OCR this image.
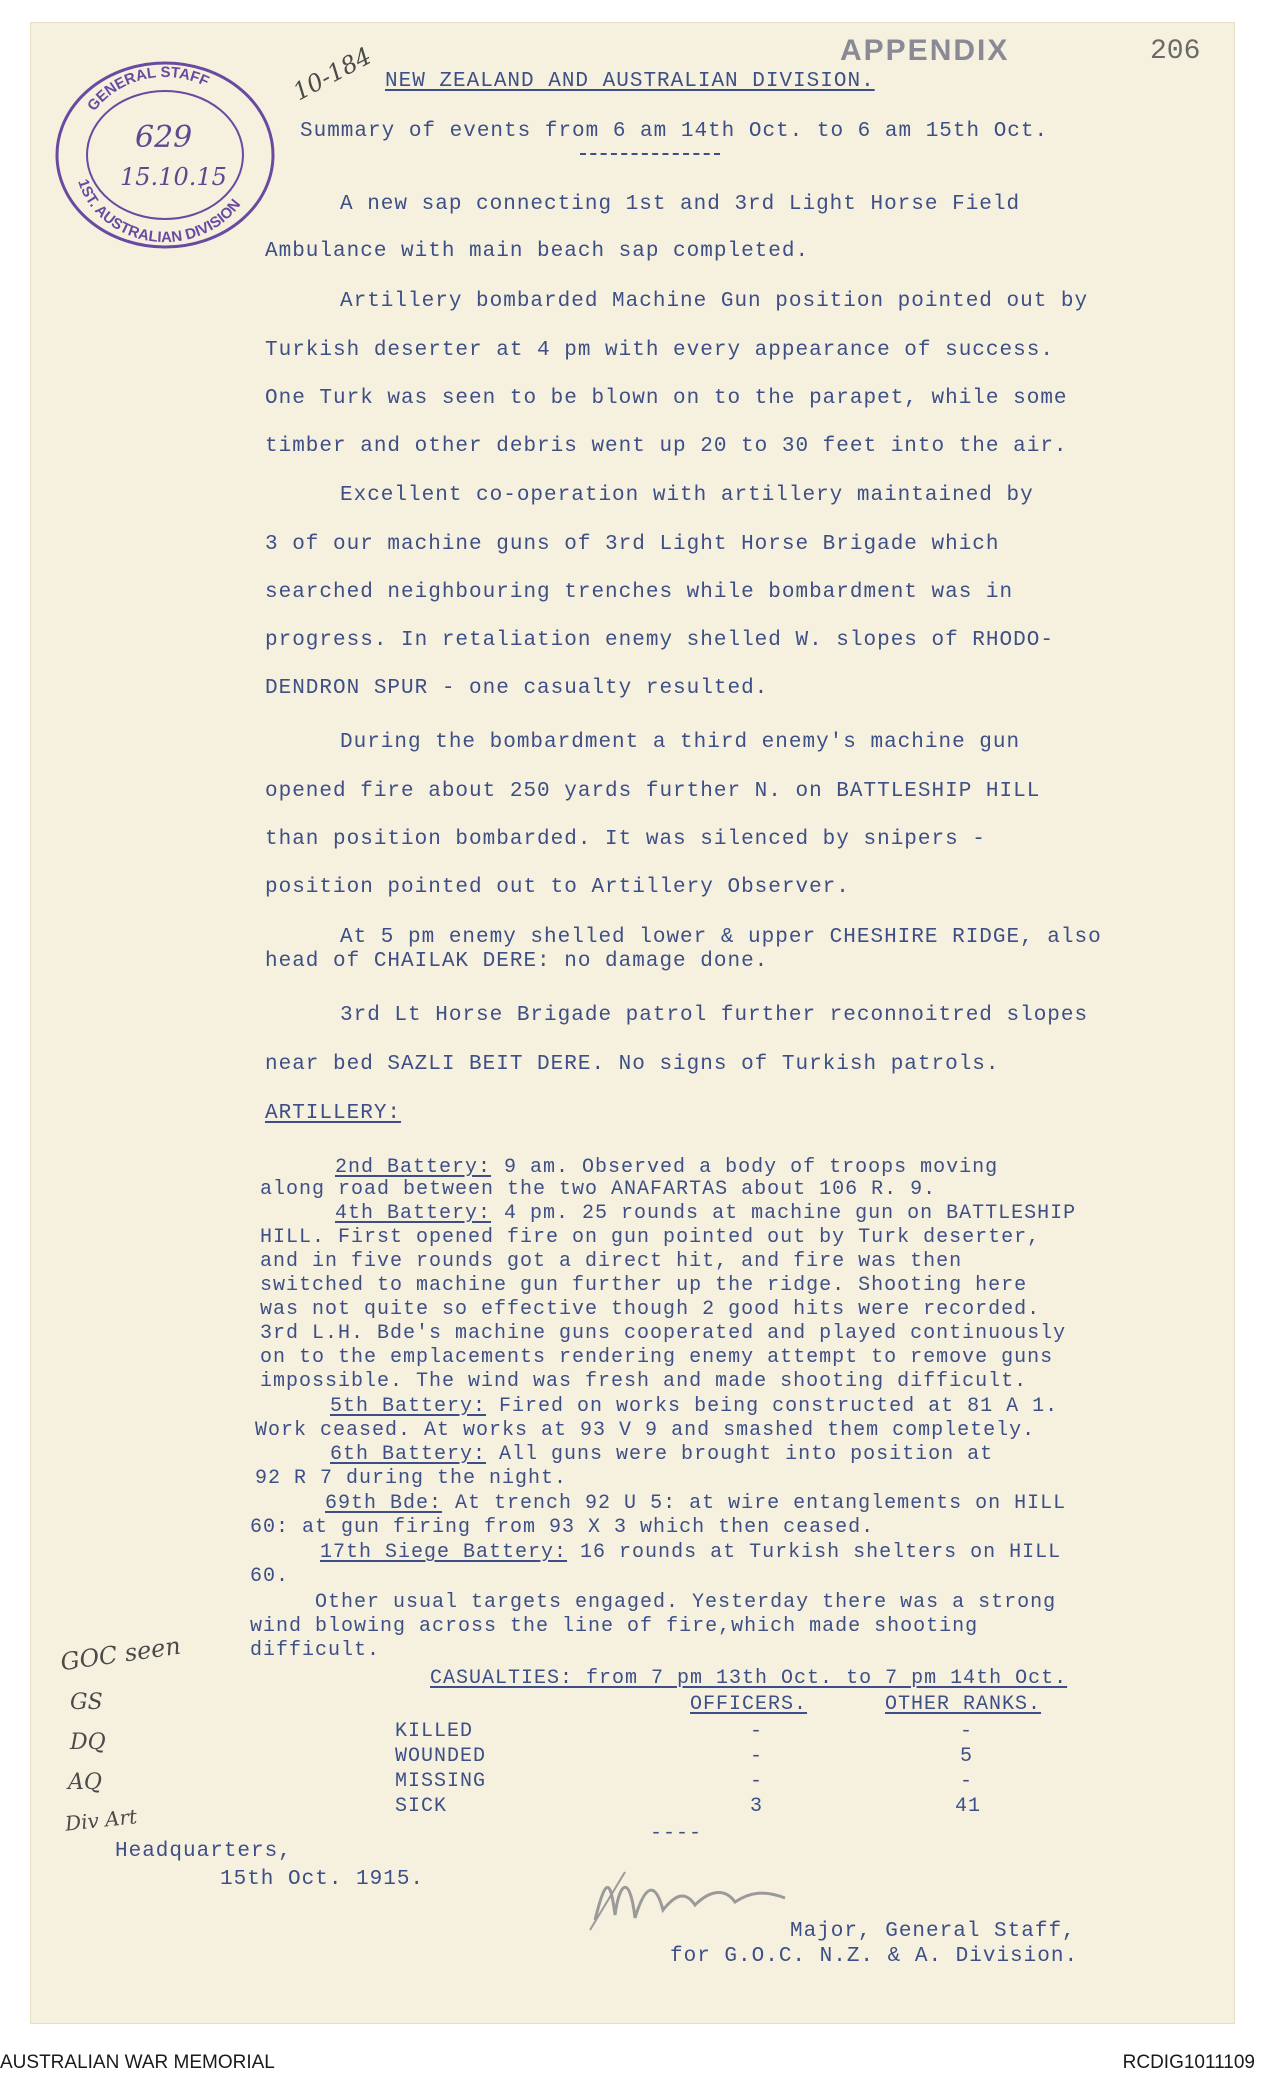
GENERAL STAFF
1ST. AUSTRALIAN DIVISION
629
15.10.15
APPENDIX	206
10-184 NEW ZEALAND AND AUSTRALIAN DIVISION.
Summary of events from 6 am 14th Oct. to 6 am 15th Oct.
A new sap connecting 1st and 3rd Light Horse Field
Ambulance with main beach sap completed.
Artillery bombarded Machine Gun position pointed out by
Turkish deserter at 4 pm with every appearance of success.
One Turk was seen to be blown on to the parapet, while some
timber and other debris went up 20 to 30 feet into the air.
Excellent co-operation with artillery maintained by
3 of our machine guns of 3rd Light Horse Brigade which
searched neighbouring trenches while bombardment was in
progress. In retaliation enemy shelled W. slopes of RHODO-
DENDRON SPUR - one casualty resulted.
During the bombardment a third enemy's machine gun
opened fire about 250 yards further N. on BATTLESHIP HILL
than position bombarded. It was silenced by snipers -
position pointed out to Artillery Observer.
At 5 pm enemy shelled lower & upper CHESHIRE RIDGE, also
head of CHAILAK DERE: no damage done.
3rd Lt Horse Brigade patrol further reconnoitred slopes
near bed SAZLI BEIT DERE. No signs of Turkish patrols.
ARTILLERY:
2nd Battery: 9 am. Observed a body of troops moving
along road between the two ANAFARTAS about 106 R. 9.
4th Battery: 4 pm. 25 rounds at machine gun on BATTLESHIP
HILL. First opened fire on gun pointed out by Turk deserter,
and in five rounds got a direct hit, and fire was then
switched to machine gun further up the ridge. Shooting here
was not quite so effective though 2 good hits were recorded.
3rd L.H. Bde's machine guns cooperated and played continuously
on to the emplacements rendering enemy attempt to remove guns
impossible. The wind was fresh and made shooting difficult.
5th Battery: Fired on works being constructed at 81 A 1.
Work ceased. At works at 93 V 9 and smashed them completely.
6th Battery: All guns were brought into position at
92 R 7 during the night.
69th Bde: At trench 92 U 5: at wire entanglements on HILL
60: at gun firing from 93 X 3 which then ceased.
17th Siege Battery: 16 rounds at Turkish shelters on HILL
60.
Other usual targets engaged. Yesterday there was a strong
wind blowing across the line of fire,which made shooting
difficult.
CASUALTIES: from 7 pm 13th Oct. to 7 pm 14th Oct.
OFFICERS.	OTHER RANKS.
KILLED	-	-
WOUNDED	-	5
MISSING	-	-
SICK	3	41
----
Headquarters,
15th Oct. 1915.
Major, General Staff,
for G.O.C. N.Z. & A. Division.
GOC seen
GS
DQ
AQ
Div Art
AUSTRALIAN WAR MEMORIAL	RCDIG1011109
